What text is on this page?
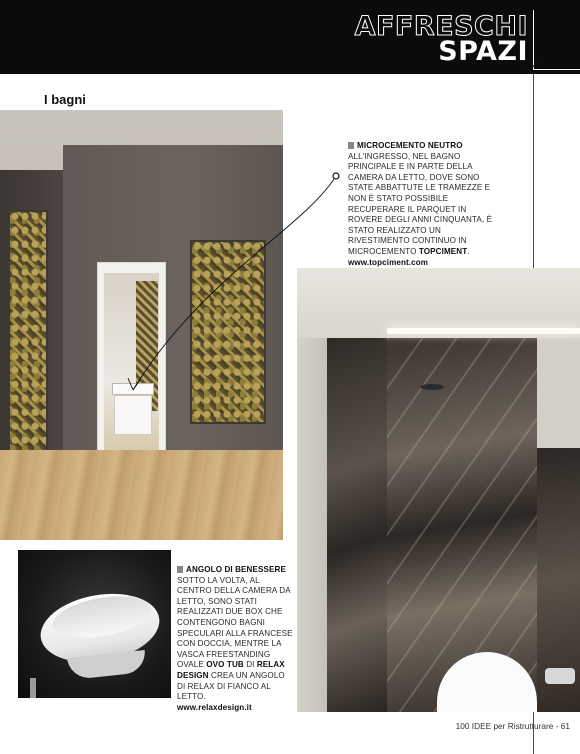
AFFRESCHI
SPAZI
I bagni
MICROCEMENTO NEUTRO
ALL'INGRESSO, NEL BAGNO PRINCIPALE E IN PARTE DELLA CAMERA DA LETTO, DOVE SONO STATE ABBATTUTE LE TRAMEZZE E NON È STATO POSSIBILE RECUPERARE IL PARQUET IN ROVERE DEGLI ANNI CINQUANTA, È STATO REALIZZATO UN RIVESTIMENTO CONTINUO IN MICROCEMENTO TOPCIMENT.
www.topciment.com
ANGOLO DI BENESSERE
SOTTO LA VOLTA, AL CENTRO DELLA CAMERA DA LETTO, SONO STATI REALIZZATI DUE BOX CHE CONTENGONO BAGNI SPECULARI ALLA FRANCESE CON DOCCIA, MENTRE LA VASCA FREESTANDING OVALE OVO TUB DI RELAX DESIGN CREA UN ANGOLO DI RELAX DI FIANCO AL LETTO.
www.relaxdesign.it
100 IDEE per Ristrutturare - 61
